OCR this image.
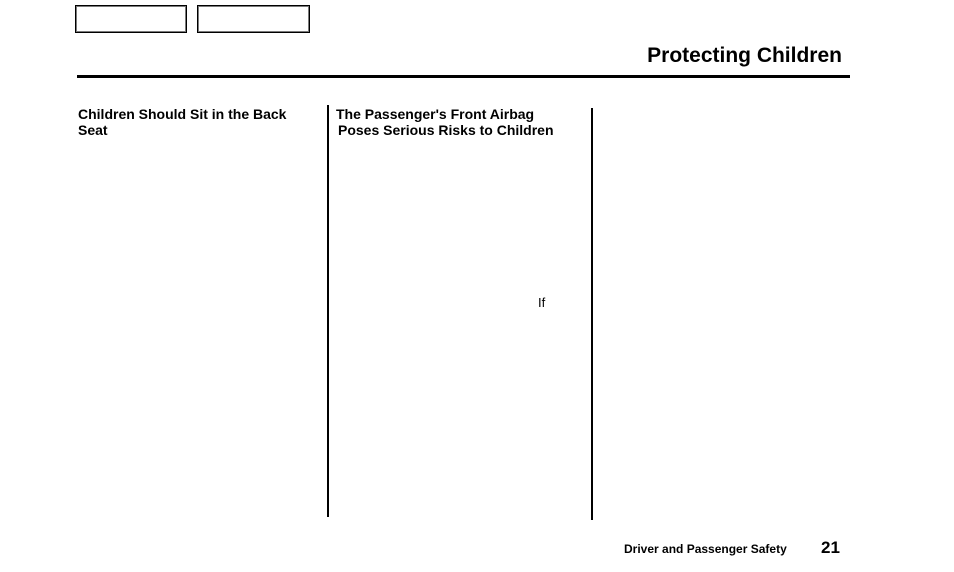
Protecting Children
Children Should Sit in the Back Seat
The Passenger's Front Airbag
Poses Serious Risks to Children

If

Driver and Passenger Safety 21
